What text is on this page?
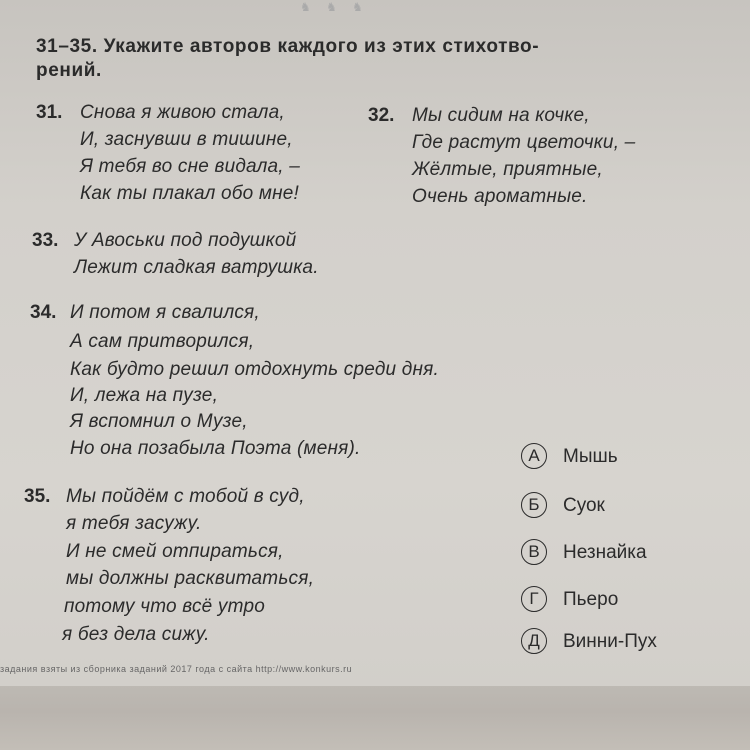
♞ ♞ ♞
31–35. Укажите авторов каждого из этих стихотво-
рений.
31. Снова я живою стала,
И, заснувши в тишине,
Я тебя во сне видала, –
Как ты плакал обо мне!
32. Мы сидим на кочке,
Где растут цветочки, –
Жёлтые, приятные,
Очень ароматные.
33. У Авоськи под подушкой
Лежит сладкая ватрушка.
34. И потом я свалился,
А сам притворился,
Как будто решил отдохнуть среди дня.
И, лежа на пузе,
Я вспомнил о Музе,
Но она позабыла Поэта (меня).
35. Мы пойдём с тобой в суд,
я тебя засужу.
И не смей отпираться,
мы должны расквитаться,
потому что всё утро
я без дела сижу.
А	Мышь
Б	Суок
В	Незнайка
Г	Пьеро
Д	Винни-Пух
задания взяты из сборника заданий 2017 года с сайта http://www.konkurs.ru
